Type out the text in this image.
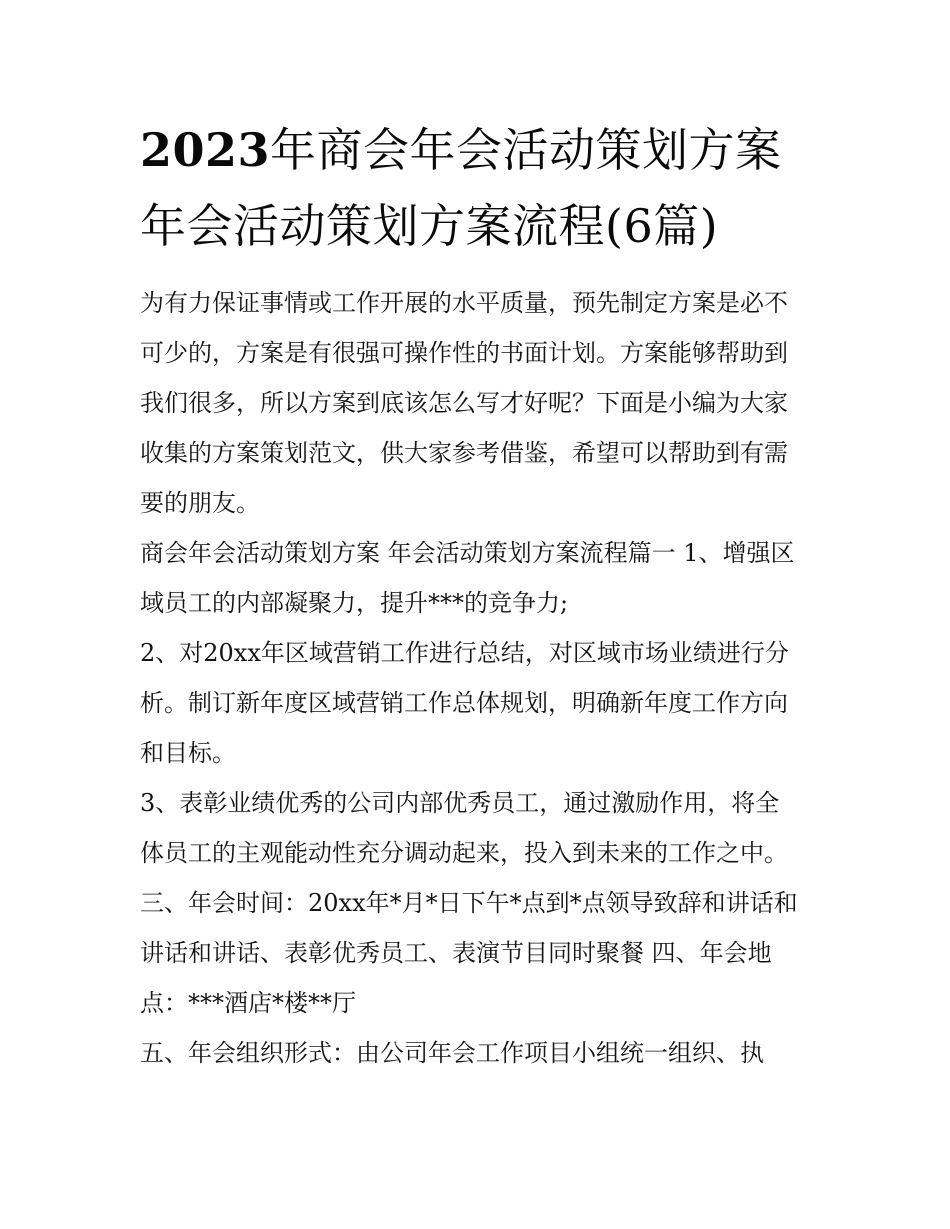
2023年商会年会活动策划方案
年会活动策划方案流程(6篇)

为有力保证事情或工作开展的水平质量，预先制定方案是必不
可少的，方案是有很强可操作性的书面计划。方案能够帮助到
我们很多，所以方案到底该怎么写才好呢？下面是小编为大家
收集的方案策划范文，供大家参考借鉴，希望可以帮助到有需
要的朋友。

商会年会活动策划方案 年会活动策划方案流程篇一 1、增强区
域员工的内部凝聚力，提升***的竞争力;

2、对20xx年区域营销工作进行总结，对区域市场业绩进行分
析。制订新年度区域营销工作总体规划，明确新年度工作方向
和目标。

3、表彰业绩优秀的公司内部优秀员工，通过激励作用，将全
体员工的主观能动性充分调动起来，投入到未来的工作之中。

三、年会时间：20xx年*月*日下午*点到*点领导致辞和讲话和
讲话和讲话、表彰优秀员工、表演节目同时聚餐 四、年会地
点：***酒店*楼**厅

五、年会组织形式：由公司年会工作项目小组统一组织、执
